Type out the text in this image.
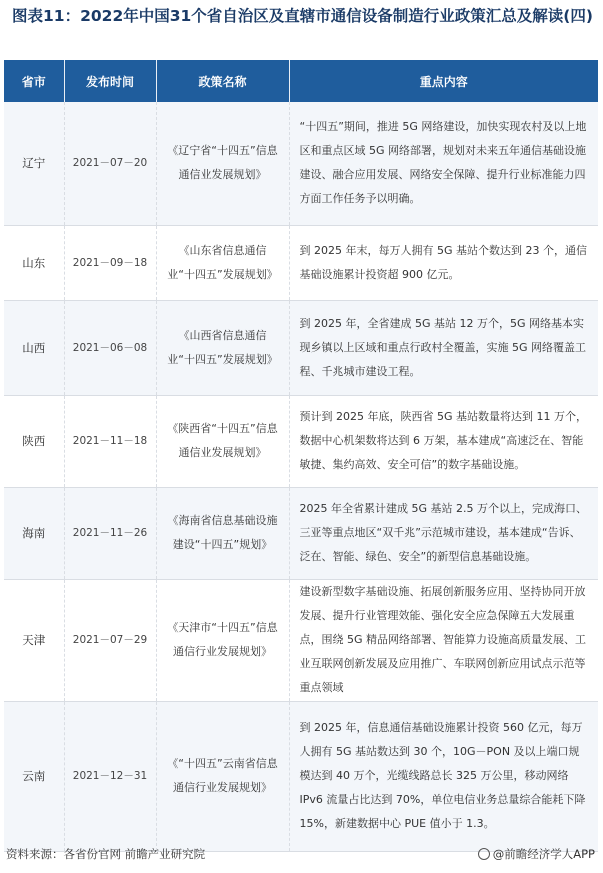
图表11：2022年中国31个省自治区及直辖市通信设备制造行业政策汇总及解读(四)
省市	发布时间	政策名称	重点内容
辽宁	2021－07－20	《辽宁省“十四五”信息通信业发展规划》	“十四五”期间，推进 5G 网络建设，加快实现农村及以上地区和重点区域 5G 网络部署，规划对未来五年通信基础设施建设、融合应用发展、网络安全保障、提升行业标准能力四方面工作任务予以明确。
山东	2021－09－18	《山东省信息通信业“十四五”发展规划》	到 2025 年末，每万人拥有 5G 基站个数达到 23 个，通信基础设施累计投资超 900 亿元。
山西	2021－06－08	《山西省信息通信业“十四五”发展规划》	到 2025 年，全省建成 5G 基站 12 万个，5G 网络基本实现乡镇以上区域和重点行政村全覆盖，实施 5G 网络覆盖工程、千兆城市建设工程。
陕西	2021－11－18	《陕西省“十四五”信息通信业发展规划》	预计到 2025 年底，陕西省 5G 基站数量将达到 11 万个，数据中心机架数将达到 6 万架，基本建成“高速泛在、智能敏捷、集约高效、安全可信”的数字基础设施。
海南	2021－11－26	《海南省信息基础设施建设“十四五”规划》	2025 年全省累计建成 5G 基站 2.5 万个以上，完成海口、三亚等重点地区“双千兆”示范城市建设，基本建成“告诉、泛在、智能、绿色、安全”的新型信息基础设施。
天津	2021－07－29	《天津市“十四五”信息通信行业发展规划》	建设新型数字基础设施、拓展创新服务应用、坚持协同开放发展、提升行业管理效能、强化安全应急保障五大发展重点，围绕 5G 精品网络部署、智能算力设施高质量发展、工业互联网创新发展及应用推广、车联网创新应用试点示范等重点领域
云南	2021－12－31	《“十四五”云南省信息通信行业发展规划》	到 2025 年，信息通信基础设施累计投资 560 亿元，每万人拥有 5G 基站数达到 30 个，10G－PON 及以上端口规模达到 40 万个，光缆线路总长 325 万公里，移动网络 IPv6 流量占比达到 70%，单位电信业务总量综合能耗下降 15%，新建数据中心 PUE 值小于 1.3。
资料来源：各省份官网 前瞻产业研究院	@前瞻经济学人APP
